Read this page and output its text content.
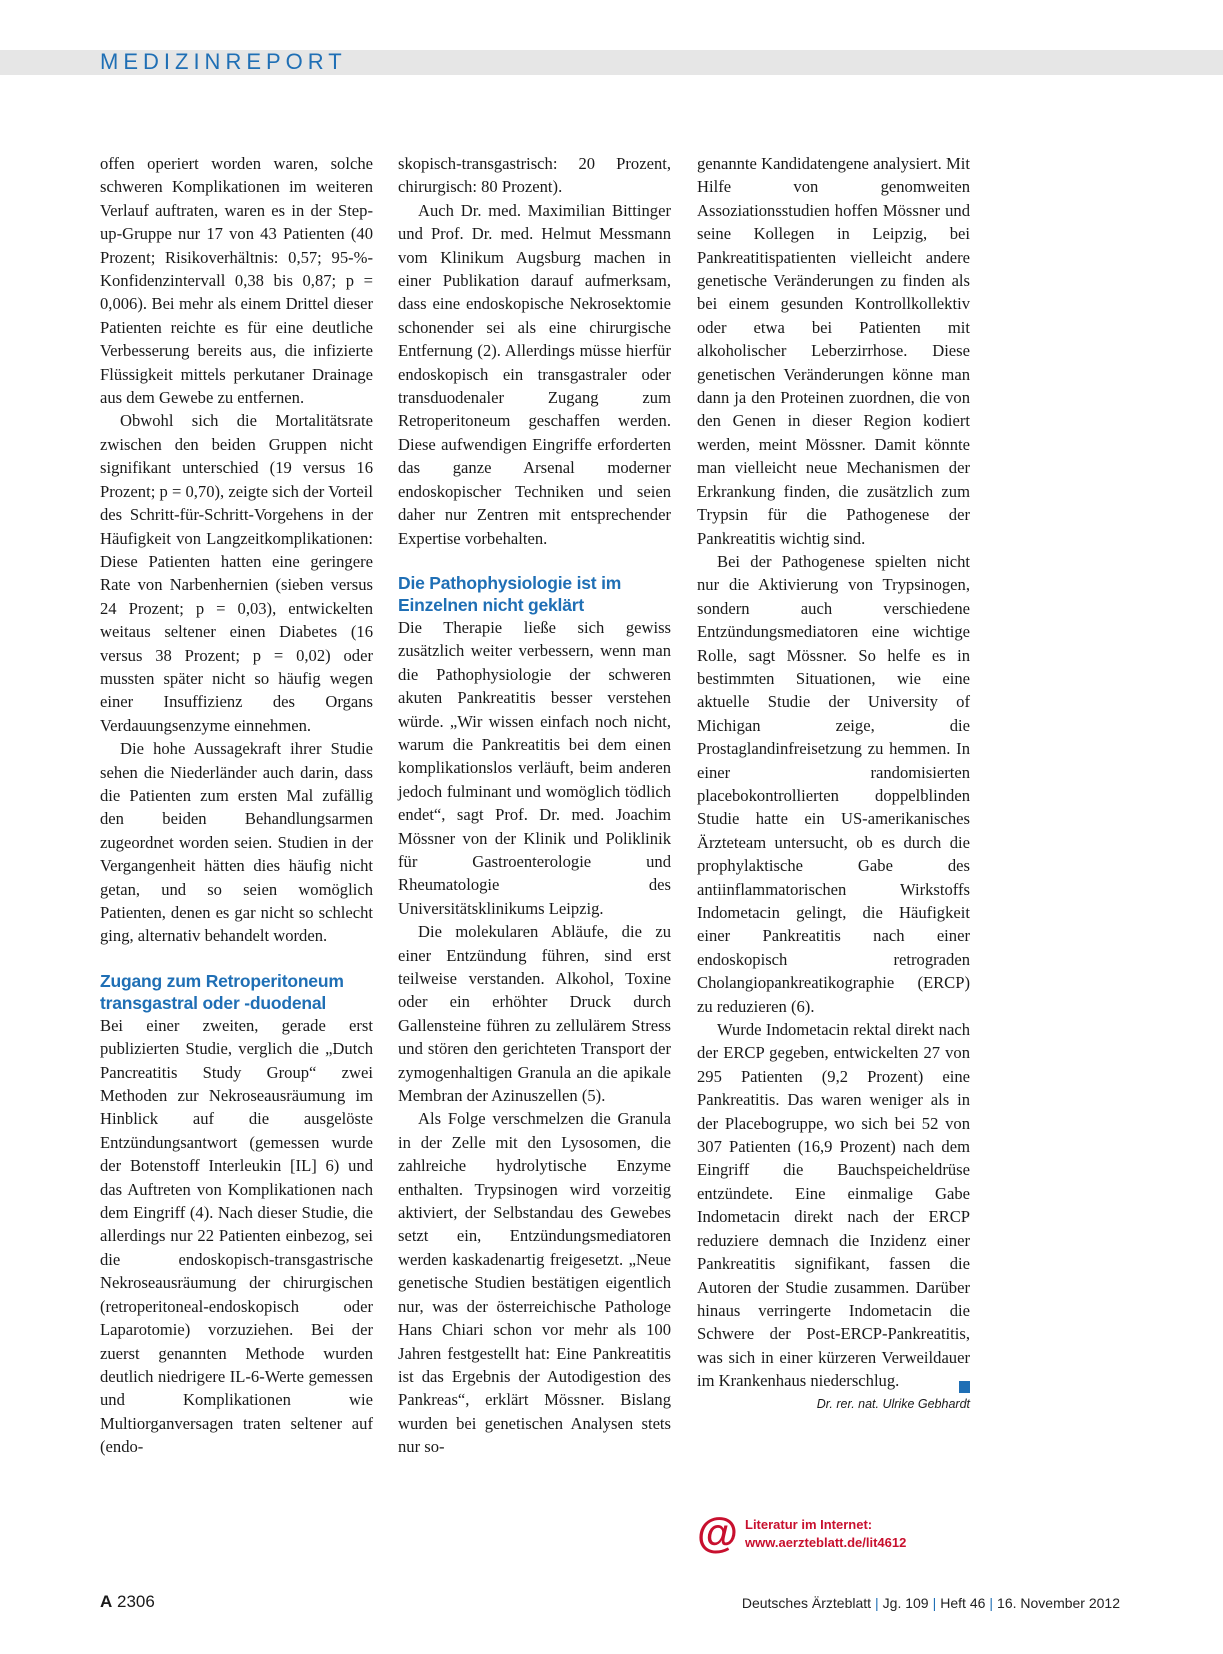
MEDIZINREPORT

offen operiert worden waren, solche schweren Komplikationen im weiteren Verlauf auftraten, waren es in der Step-up-Gruppe nur 17 von 43 Patienten (40 Prozent; Risikoverhältnis: 0,57; 95-%-Konfidenzintervall 0,38 bis 0,87; p = 0,006). Bei mehr als einem Drittel dieser Patienten reichte es für eine deutliche Verbesserung bereits aus, die infizierte Flüssigkeit mittels perkutaner Drainage aus dem Gewebe zu entfernen.

Obwohl sich die Mortalitätsrate zwischen den beiden Gruppen nicht signifikant unterschied (19 versus 16 Prozent; p = 0,70), zeigte sich der Vorteil des Schritt-für-Schritt-Vorgehens in der Häufigkeit von Langzeitkomplikationen: Diese Patienten hatten eine geringere Rate von Narbenhernien (sieben versus 24 Prozent; p = 0,03), entwickelten weitaus seltener einen Diabetes (16 versus 38 Prozent; p = 0,02) oder mussten später nicht so häufig wegen einer Insuffizienz des Organs Verdauungsenzyme einnehmen.

Die hohe Aussagekraft ihrer Studie sehen die Niederländer auch darin, dass die Patienten zum ersten Mal zufällig den beiden Behandlungsarmen zugeordnet worden seien. Studien in der Vergangenheit hätten dies häufig nicht getan, und so seien womöglich Patienten, denen es gar nicht so schlecht ging, alternativ behandelt worden.

Zugang zum Retroperitoneum transgastral oder -duodenal

Bei einer zweiten, gerade erst publizierten Studie, verglich die „Dutch Pancreatitis Study Group“ zwei Methoden zur Nekroseausräumung im Hinblick auf die ausgelöste Entzündungsantwort (gemessen wurde der Botenstoff Interleukin [IL] 6) und das Auftreten von Komplikationen nach dem Eingriff (4). Nach dieser Studie, die allerdings nur 22 Patienten einbezog, sei die endoskopisch-transgastrische Nekroseausräumung der chirurgischen (retroperitoneal-endoskopisch oder Laparotomie) vorzuziehen. Bei der zuerst genannten Methode wurden deutlich niedrigere IL-6-Werte gemessen und Komplikationen wie Multiorganversagen traten seltener auf (endo-

skopisch-transgastrisch: 20 Prozent, chirurgisch: 80 Prozent).

Auch Dr. med. Maximilian Bittinger und Prof. Dr. med. Helmut Messmann vom Klinikum Augsburg machen in einer Publikation darauf aufmerksam, dass eine endoskopische Nekrosektomie schonender sei als eine chirurgische Entfernung (2). Allerdings müsse hierfür endoskopisch ein transgastraler oder transduodenaler Zugang zum Retroperitoneum geschaffen werden. Diese aufwendigen Eingriffe erforderten das ganze Arsenal moderner endoskopischer Techniken und seien daher nur Zentren mit entsprechender Expertise vorbehalten.

Die Pathophysiologie ist im Einzelnen nicht geklärt

Die Therapie ließe sich gewiss zusätzlich weiter verbessern, wenn man die Pathophysiologie der schweren akuten Pankreatitis besser verstehen würde. „Wir wissen einfach noch nicht, warum die Pankreatitis bei dem einen komplikationslos verläuft, beim anderen jedoch fulminant und womöglich tödlich endet“, sagt Prof. Dr. med. Joachim Mössner von der Klinik und Poliklinik für Gastroenterologie und Rheumatologie des Universitätsklinikums Leipzig.

Die molekularen Abläufe, die zu einer Entzündung führen, sind erst teilweise verstanden. Alkohol, Toxine oder ein erhöhter Druck durch Gallensteine führen zu zellulärem Stress und stören den gerichteten Transport der zymogenhaltigen Granula an die apikale Membran der Azinuszellen (5).

Als Folge verschmelzen die Granula in der Zelle mit den Lysosomen, die zahlreiche hydrolytische Enzyme enthalten. Trypsinogen wird vorzeitig aktiviert, der Selbstandau des Gewebes setzt ein, Entzündungsmediatoren werden kaskadenartig freigesetzt. „Neue genetische Studien bestätigen eigentlich nur, was der österreichische Pathologe Hans Chiari schon vor mehr als 100 Jahren festgestellt hat: Eine Pankreatitis ist das Ergebnis der Autodigestion des Pankreas“, erklärt Mössner. Bislang wurden bei genetischen Analysen stets nur so-

genannte Kandidatengene analysiert. Mit Hilfe von genomweiten Assoziationsstudien hoffen Mössner und seine Kollegen in Leipzig, bei Pankreatitispatienten vielleicht andere genetische Veränderungen zu finden als bei einem gesunden Kontrollkollektiv oder etwa bei Patienten mit alkoholischer Leberzirrhose. Diese genetischen Veränderungen könne man dann ja den Proteinen zuordnen, die von den Genen in dieser Region kodiert werden, meint Mössner. Damit könnte man vielleicht neue Mechanismen der Erkrankung finden, die zusätzlich zum Trypsin für die Pathogenese der Pankreatitis wichtig sind.

Bei der Pathogenese spielten nicht nur die Aktivierung von Trypsinogen, sondern auch verschiedene Entzündungsmediatoren eine wichtige Rolle, sagt Mössner. So helfe es in bestimmten Situationen, wie eine aktuelle Studie der University of Michigan zeige, die Prostaglandinfreisetzung zu hemmen. In einer randomisierten placebokontrollierten doppelblinden Studie hatte ein US-amerikanisches Ärzteteam untersucht, ob es durch die prophylaktische Gabe des antiinflammatorischen Wirkstoffs Indometacin gelingt, die Häufigkeit einer Pankreatitis nach einer endoskopisch retrograden Cholangiopankreatikographie (ERCP) zu reduzieren (6).

Wurde Indometacin rektal direkt nach der ERCP gegeben, entwickelten 27 von 295 Patienten (9,2 Prozent) eine Pankreatitis. Das waren weniger als in der Placebogruppe, wo sich bei 52 von 307 Patienten (16,9 Prozent) nach dem Eingriff die Bauchspeicheldrüse entzündete. Eine einmalige Gabe Indometacin direkt nach der ERCP reduziere demnach die Inzidenz einer Pankreatitis signifikant, fassen die Autoren der Studie zusammen. Darüber hinaus verringerte Indometacin die Schwere der Post-ERCP-Pankreatitis, was sich in einer kürzeren Verweildauer im Krankenhaus niederschlug.

Dr. rer. nat. Ulrike Gebhardt
@ Literatur im Internet:
www.aerzteblatt.de/lit4612
A 2306	Deutsches Ärzteblatt | Jg. 109 | Heft 46 | 16. November 2012
